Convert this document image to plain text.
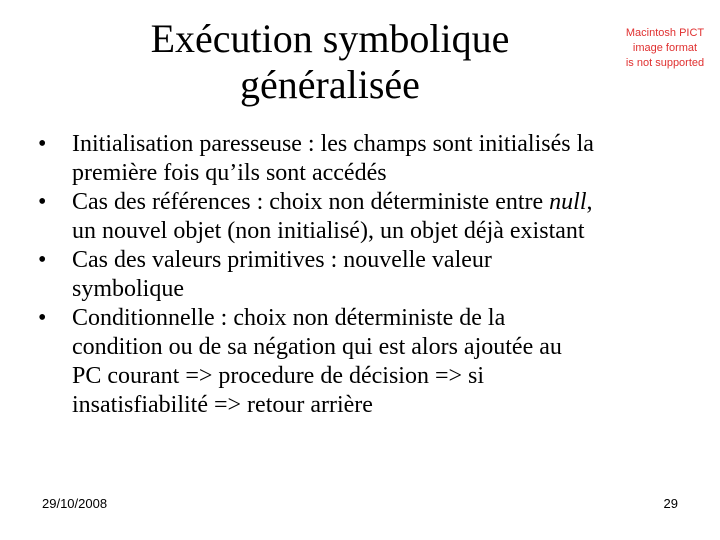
Exécution symbolique
généralisée
Macintosh PICT
image format
is not supported
•	Initialisation paresseuse : les champs sont initialisés la
première fois qu’ils sont accédés
•	Cas des références : choix non déterministe entre null,
un nouvel objet (non initialisé), un objet déjà existant
•	Cas des valeurs primitives : nouvelle valeur
symbolique
•	Conditionnelle : choix non déterministe de la
condition ou de sa négation qui est alors ajoutée au
PC courant => procedure de décision => si
insatisfiabilité => retour arrière
29/10/2008	29
